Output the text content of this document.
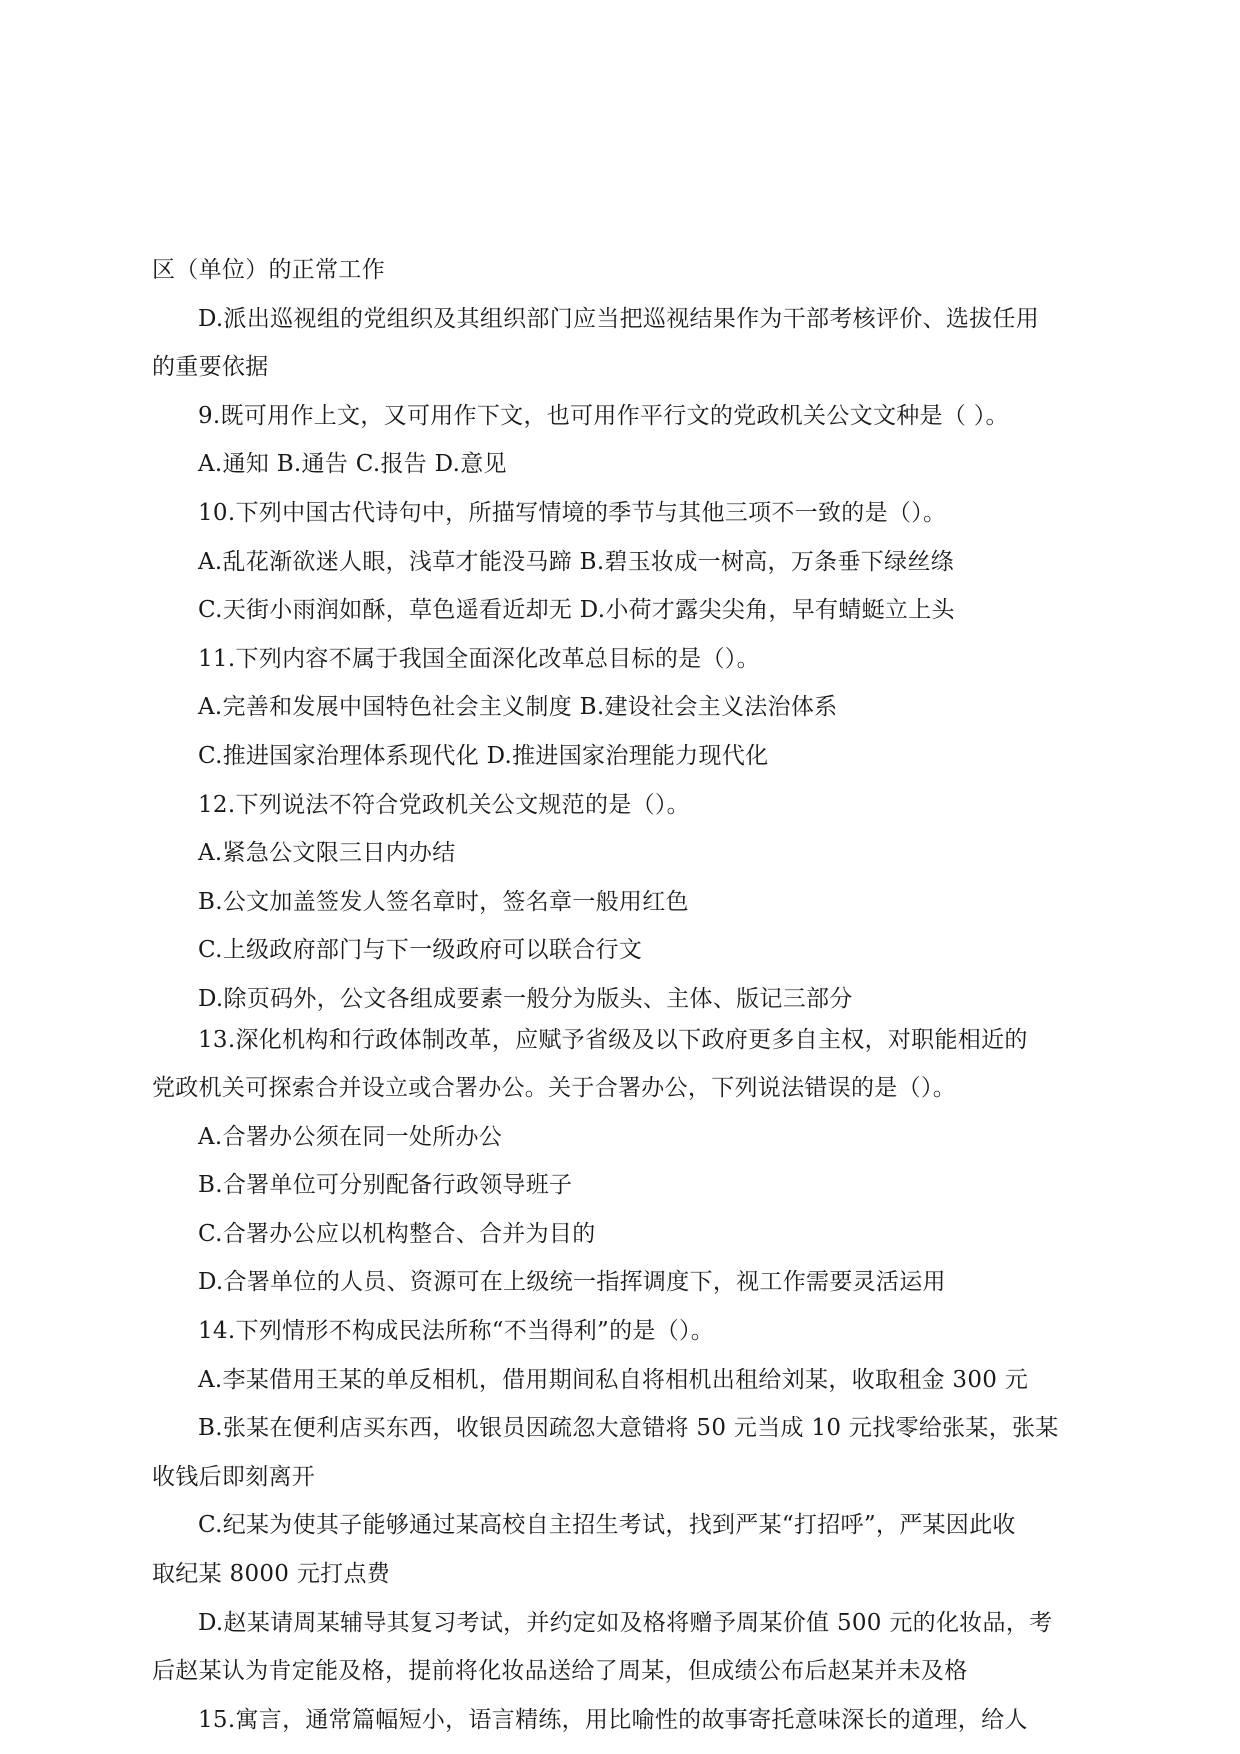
区（单位）的正常工作
D.派出巡视组的党组织及其组织部门应当把巡视结果作为干部考核评价、选拔任用
的重要依据
9.既可用作上文，又可用作下文，也可用作平行文的党政机关公文文种是（ ）。
A.通知 B.通告 C.报告 D.意见
10.下列中国古代诗句中，所描写情境的季节与其他三项不一致的是（）。
A.乱花渐欲迷人眼，浅草才能没马蹄 B.碧玉妆成一树高，万条垂下绿丝绦
C.天街小雨润如酥，草色遥看近却无 D.小荷才露尖尖角，早有蜻蜓立上头
11.下列内容不属于我国全面深化改革总目标的是（）。
A.完善和发展中国特色社会主义制度 B.建设社会主义法治体系
C.推进国家治理体系现代化 D.推进国家治理能力现代化
12.下列说法不符合党政机关公文规范的是（）。
A.紧急公文限三日内办结
B.公文加盖签发人签名章时，签名章一般用红色
C.上级政府部门与下一级政府可以联合行文
D.除页码外，公文各组成要素一般分为版头、主体、版记三部分
13.深化机构和行政体制改革，应赋予省级及以下政府更多自主权，对职能相近的
党政机关可探索合并设立或合署办公。关于合署办公，下列说法错误的是（）。
A.合署办公须在同一处所办公
B.合署单位可分别配备行政领导班子
C.合署办公应以机构整合、合并为目的
D.合署单位的人员、资源可在上级统一指挥调度下，视工作需要灵活运用
14.下列情形不构成民法所称“不当得利”的是（）。
A.李某借用王某的单反相机，借用期间私自将相机出租给刘某，收取租金 300 元
B.张某在便利店买东西，收银员因疏忽大意错将 50 元当成 10 元找零给张某，张某
收钱后即刻离开
C.纪某为使其子能够通过某高校自主招生考试，找到严某“打招呼”，严某因此收
取纪某 8000 元打点费
D.赵某请周某辅导其复习考试，并约定如及格将赠予周某价值 500 元的化妆品，考
后赵某认为肯定能及格，提前将化妆品送给了周某，但成绩公布后赵某并未及格
15.寓言，通常篇幅短小，语言精练，用比喻性的故事寄托意味深长的道理，给人
